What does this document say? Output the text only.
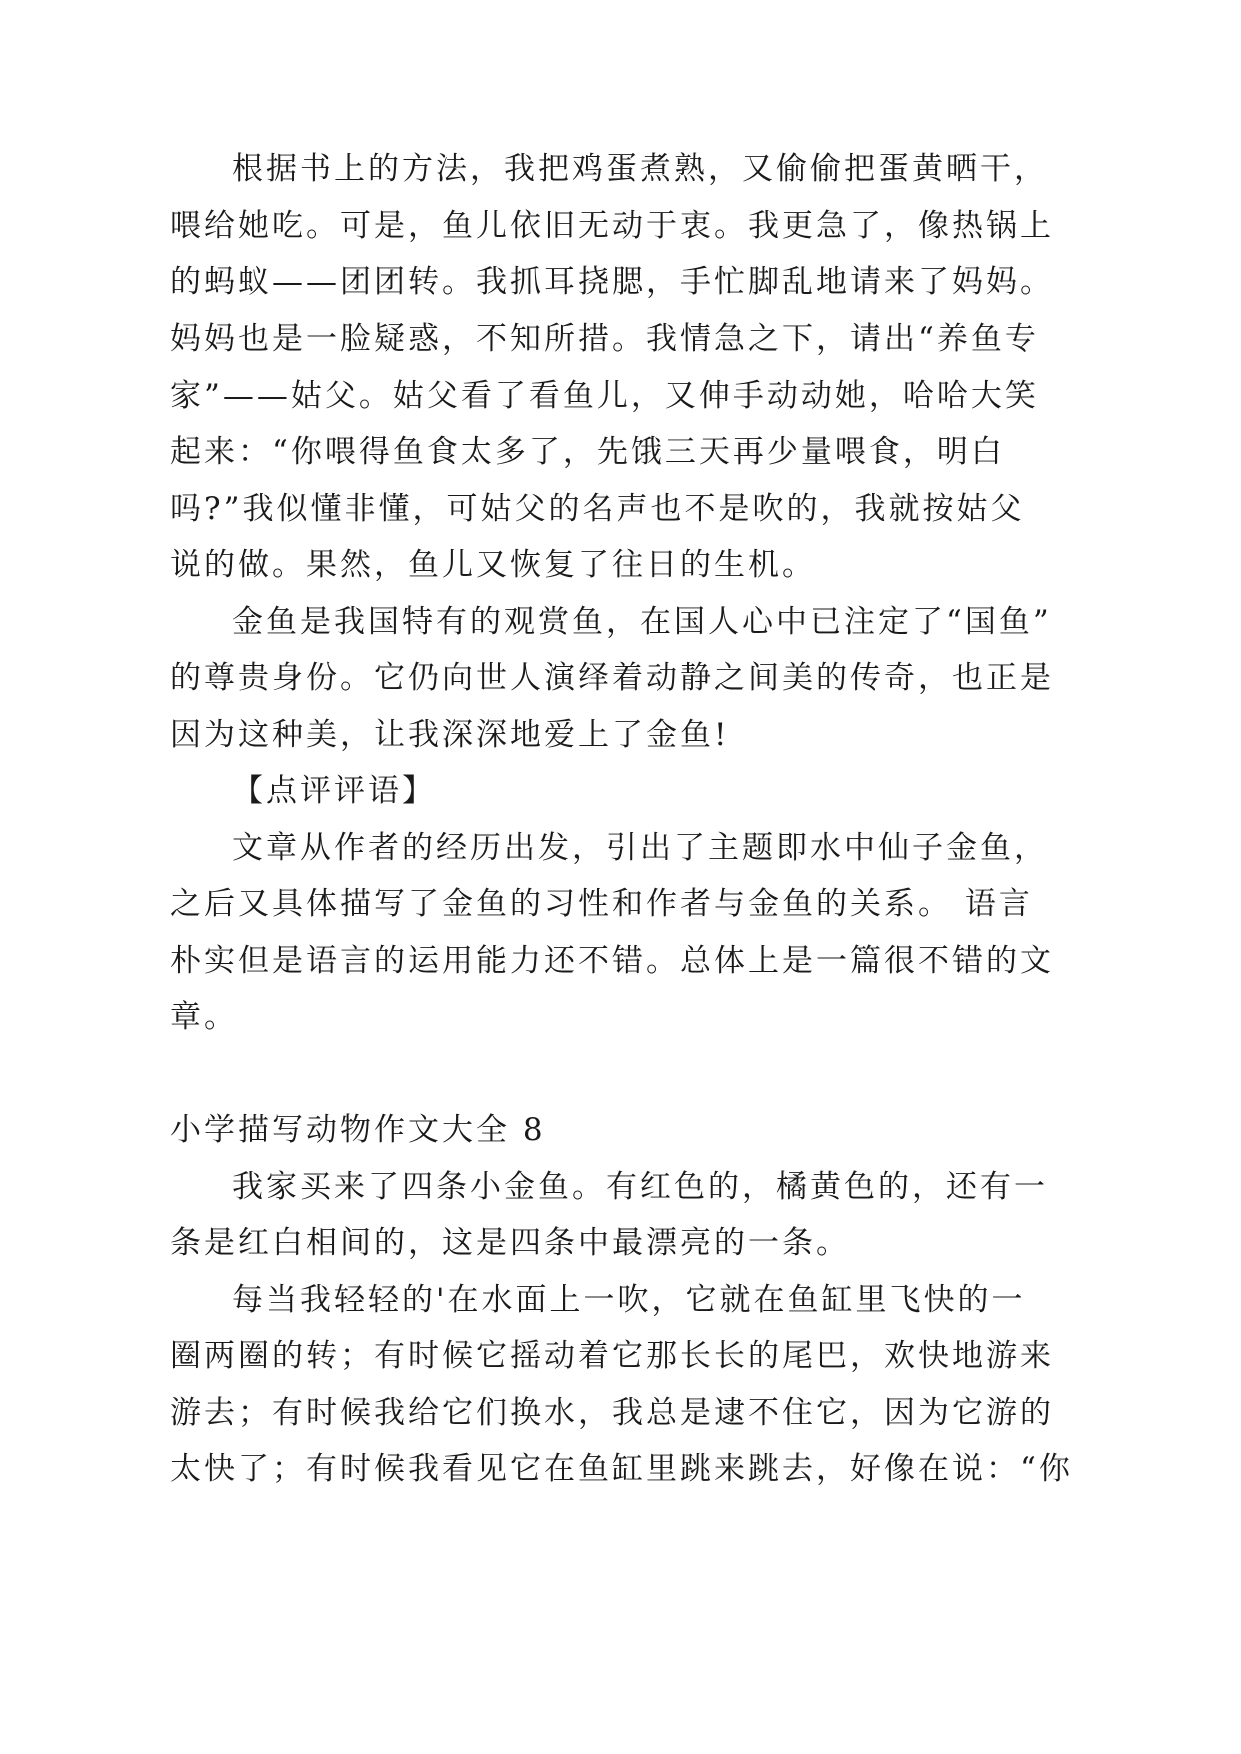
根据书上的方法，我把鸡蛋煮熟，又偷偷把蛋黄晒干，
喂给她吃。可是，鱼儿依旧无动于衷。我更急了，像热锅上
的蚂蚁——团团转。我抓耳挠腮，手忙脚乱地请来了妈妈。
妈妈也是一脸疑惑，不知所措。我情急之下，请出“养鱼专
家”——姑父。姑父看了看鱼儿，又伸手动动她，哈哈大笑
起来：“你喂得鱼食太多了，先饿三天再少量喂食，明白
吗?”我似懂非懂，可姑父的名声也不是吹的，我就按姑父
说的做。果然，鱼儿又恢复了往日的生机。
金鱼是我国特有的观赏鱼，在国人心中已注定了“国鱼”
的尊贵身份。它仍向世人演绎着动静之间美的传奇，也正是
因为这种美，让我深深地爱上了金鱼!
【点评评语】
文章从作者的经历出发，引出了主题即水中仙子金鱼，
之后又具体描写了金鱼的习性和作者与金鱼的关系。 语言
朴实但是语言的运用能力还不错。总体上是一篇很不错的文
章。
小学描写动物作文大全 8
我家买来了四条小金鱼。有红色的，橘黄色的，还有一
条是红白相间的，这是四条中最漂亮的一条。
每当我轻轻的'在水面上一吹，它就在鱼缸里飞快的一
圈两圈的转；有时候它摇动着它那长长的尾巴，欢快地游来
游去；有时候我给它们换水，我总是逮不住它，因为它游的
太快了；有时候我看见它在鱼缸里跳来跳去，好像在说：“你
